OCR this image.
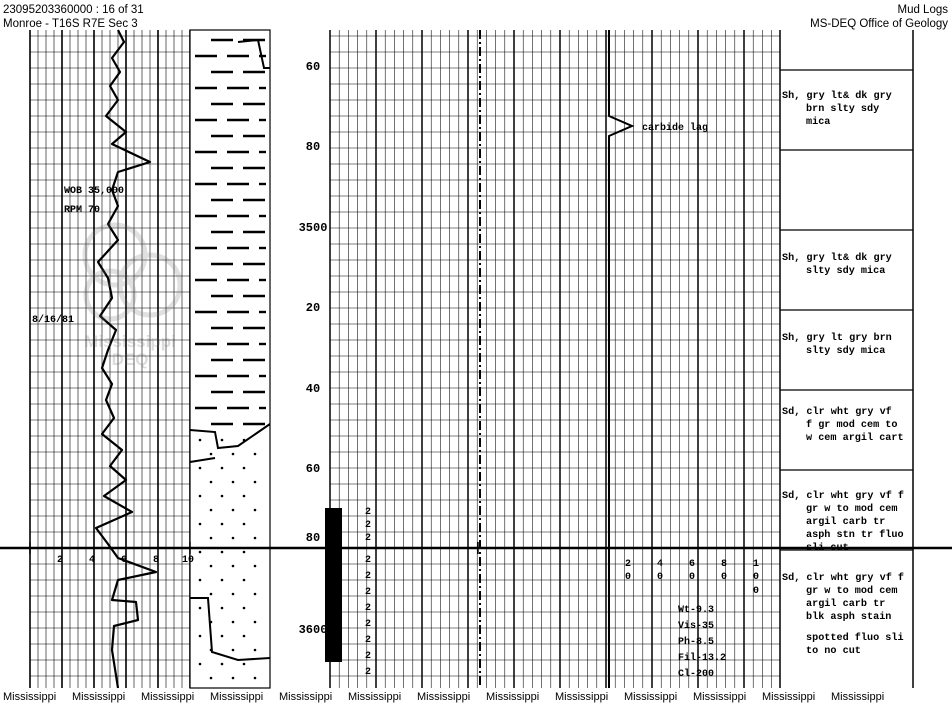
23095203360000 : 16 of 31
Monroe - T16S R7E Sec 3
Mud Logs
MS-DEQ Office of Geology
60
80
3500
20
40
60
80
3600
WOB 35,000
RPM 70
8/16/81
carbide lag
2	4	6	8 10	2	4	6	8	1
0	0	0	0	0
0
2
2
2
2
2
2
2
2
2
2
2
Wt-9.3
Vis-35
Ph-8.5
Fil-13.2
Cl-200
Sh, gry lt& dk gry
brn slty sdy
mica
Sh, gry lt& dk gry
slty sdy mica
Sh, gry lt gry brn
slty sdy mica
Sd, clr wht gry vf
f gr mod cem to
w cem argil cart
Sd, clr wht gry vf f
gr w to mod cem
argil carb tr
asph stn tr fluo
sli cut
Sd, clr wht gry vf f
gr w to mod cem
argil carb tr
blk asph stain
spotted fluo sli
to no cut
Mississippi DEQ
Mississippi Mississippi Mississippi Mississippi Mississippi Mississippi Mississippi Mississippi Mississippi Mississippi Mississippi Mississippi Mississippi
